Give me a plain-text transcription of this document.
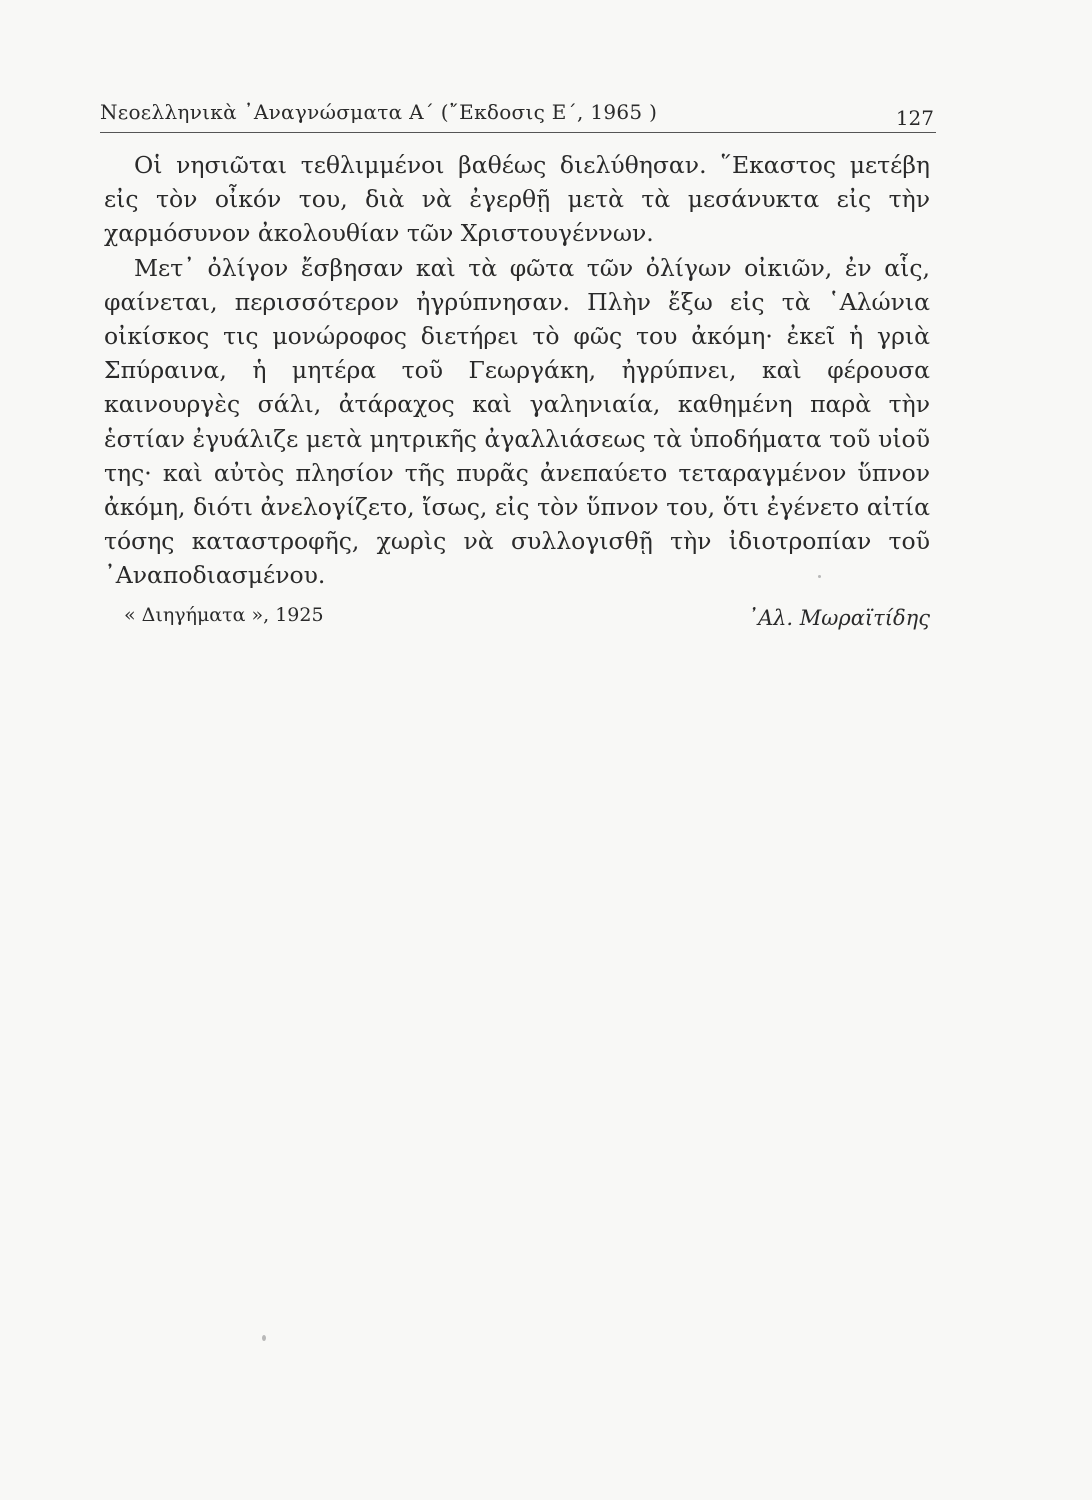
Νεοελληνικὰ ᾿Αναγνώσματα Α΄ (῎Εκδοσις Ε΄, 1965 )	127

Οἱ νησιῶται τεθλιμμένοι βαθέως διελύθησαν. ῞Εκαστος μετέβη εἰς τὸν οἶκόν του, διὰ νὰ ἐγερθῇ μετὰ τὰ μεσάνυκτα εἰς τὴν χαρμόσυνον ἀκολουθίαν τῶν Χριστουγέννων.

Μετ᾿ ὀλίγον ἔσβησαν καὶ τὰ φῶτα τῶν ὀλίγων οἰκιῶν, ἐν αἷς, φαίνεται, περισσότερον ἠγρύπνησαν. Πλὴν ἔξω εἰς τὰ ῾Αλώνια οἰκίσκος τις μονώροφος διετήρει τὸ φῶς του ἀκόμη· ἐκεῖ ἡ γριὰ Σπύραινα, ἡ μητέρα τοῦ Γεωργάκη, ἠγρύπνει, καὶ φέρουσα καινουργὲς σάλι, ἀτάραχος καὶ γαληνιαία, καθημένη παρὰ τὴν ἑστίαν ἐγυάλιζε μετὰ μητρικῆς ἀγαλλιάσεως τὰ ὑποδήματα τοῦ υἱοῦ της· καὶ αὐτὸς πλησίον τῆς πυρᾶς ἀνεπαύετο τεταραγμένον ὕπνον ἀκόμη, διότι ἀνελογίζετο, ἴσως, εἰς τὸν ὕπνον του, ὅτι ἐγένετο αἰτία τόσης καταστροφῆς, χωρὶς νὰ συλλογισθῇ τὴν ἰδιοτροπίαν τοῦ ᾿Αναποδιασμένου.

« Διηγήματα », 1925	᾿Αλ. Μωραϊτίδης
